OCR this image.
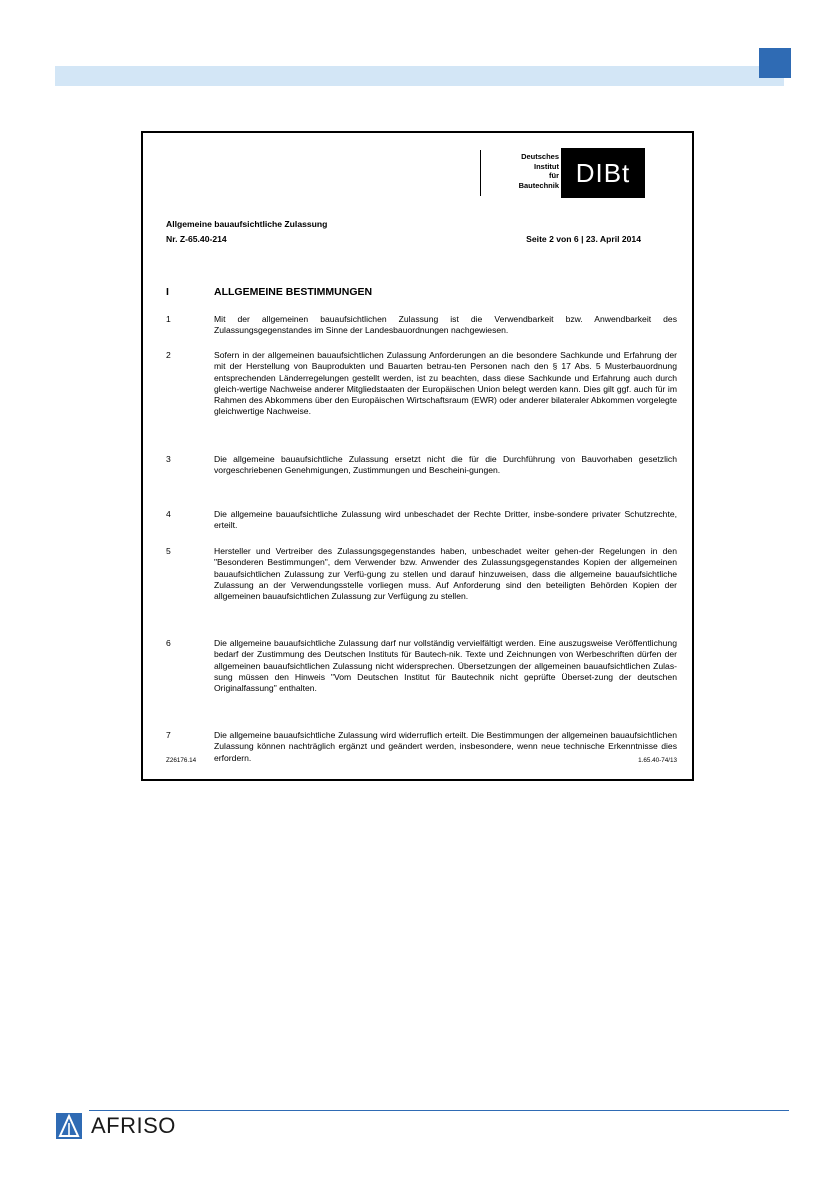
Deutsches
Institut
für
Bautechnik DIBt
Allgemeine bauaufsichtliche Zulassung
Nr. Z-65.40-214	Seite 2 von 6 | 23. April 2014
I	ALLGEMEINE BESTIMMUNGEN
1	Mit der allgemeinen bauaufsichtlichen Zulassung ist die Verwendbarkeit bzw. Anwendbarkeit des Zulassungsgegenstandes im Sinne der Landesbauordnungen nachgewiesen.
2	Sofern in der allgemeinen bauaufsichtlichen Zulassung Anforderungen an die besondere Sachkunde und Erfahrung der mit der Herstellung von Bauprodukten und Bauarten betrau-ten Personen nach den § 17 Abs. 5 Musterbauordnung entsprechenden Länderregelungen gestellt werden, ist zu beachten, dass diese Sachkunde und Erfahrung auch durch gleich-wertige Nachweise anderer Mitgliedstaaten der Europäischen Union belegt werden kann. Dies gilt ggf. auch für im Rahmen des Abkommens über den Europäischen Wirtschaftsraum (EWR) oder anderer bilateraler Abkommen vorgelegte gleichwertige Nachweise.
3	Die allgemeine bauaufsichtliche Zulassung ersetzt nicht die für die Durchführung von Bauvorhaben gesetzlich vorgeschriebenen Genehmigungen, Zustimmungen und Bescheini-gungen.
4	Die allgemeine bauaufsichtliche Zulassung wird unbeschadet der Rechte Dritter, insbe-sondere privater Schutzrechte, erteilt.
5	Hersteller und Vertreiber des Zulassungsgegenstandes haben, unbeschadet weiter gehen-der Regelungen in den "Besonderen Bestimmungen", dem Verwender bzw. Anwender des Zulassungsgegenstandes Kopien der allgemeinen bauaufsichtlichen Zulassung zur Verfü-gung zu stellen und darauf hinzuweisen, dass die allgemeine bauaufsichtliche Zulassung an der Verwendungsstelle vorliegen muss. Auf Anforderung sind den beteiligten Behörden Kopien der allgemeinen bauaufsichtlichen Zulassung zur Verfügung zu stellen.
6	Die allgemeine bauaufsichtliche Zulassung darf nur vollständig vervielfältigt werden. Eine auszugsweise Veröffentlichung bedarf der Zustimmung des Deutschen Instituts für Bautech-nik. Texte und Zeichnungen von Werbeschriften dürfen der allgemeinen bauaufsichtlichen Zulassung nicht widersprechen. Übersetzungen der allgemeinen bauaufsichtlichen Zulas-sung müssen den Hinweis "Vom Deutschen Institut für Bautechnik nicht geprüfte Überset-zung der deutschen Originalfassung" enthalten.
7	Die allgemeine bauaufsichtliche Zulassung wird widerruflich erteilt. Die Bestimmungen der allgemeinen bauaufsichtlichen Zulassung können nachträglich ergänzt und geändert werden, insbesondere, wenn neue technische Erkenntnisse dies erfordern.
Z26176.14	1.65.40-74/13
AFRISO
